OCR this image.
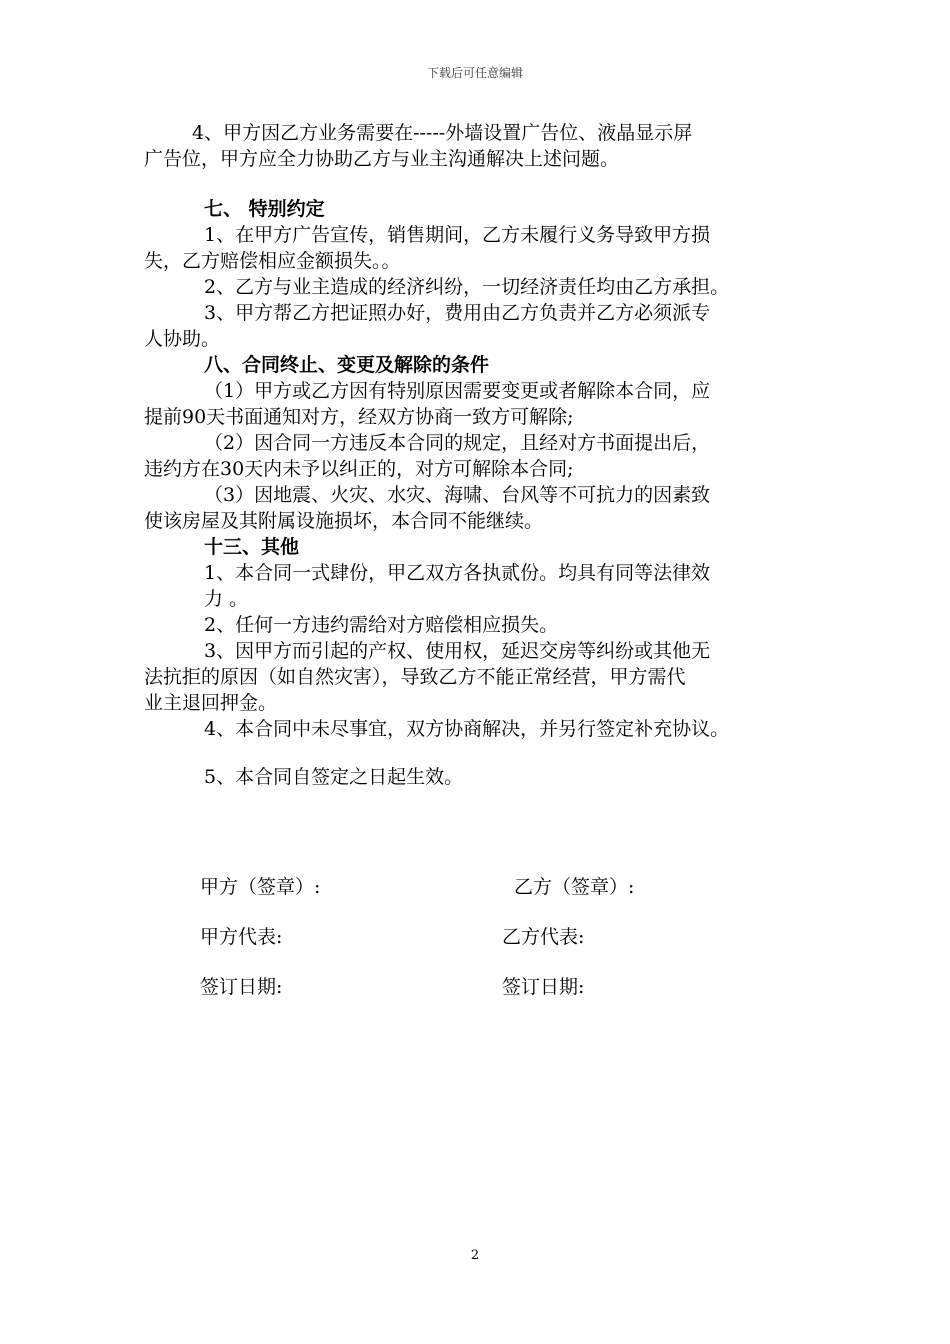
下载后可任意编辑
4、甲方因乙方业务需要在-----外墙设置广告位、液晶显示屏
广告位，甲方应全力协助乙方与业主沟通解决上述问题。
七、 特别约定
1、在甲方广告宣传，销售期间，乙方未履行义务导致甲方损
失，乙方赔偿相应金额损失。。
2、乙方与业主造成的经济纠纷，一切经济责任均由乙方承担。
3、甲方帮乙方把证照办好，费用由乙方负责并乙方必须派专
人协助。
八、合同终止、变更及解除的条件
（1）甲方或乙方因有特别原因需要变更或者解除本合同，应
提前90天书面通知对方，经双方协商一致方可解除;
（2）因合同一方违反本合同的规定，且经对方书面提出后，
违约方在30天内未予以纠正的，对方可解除本合同;
（3）因地震、火灾、水灾、海啸、台风等不可抗力的因素致
使该房屋及其附属设施损坏，本合同不能继续。
十三、其他
1、本合同一式肆份，甲乙双方各执贰份。均具有同等法律效
力 。
2、任何一方违约需给对方赔偿相应损失。
3、因甲方而引起的产权、使用权，延迟交房等纠纷或其他无
法抗拒的原因（如自然灾害），导致乙方不能正常经营，甲方需代
业主退回押金。
4、本合同中未尽事宜，双方协商解决，并另行签定补充协议。
5、本合同自签定之日起生效。
甲方（签章）:	乙方（签章）:
甲方代表:	乙方代表:
签订日期:	签订日期:
2
